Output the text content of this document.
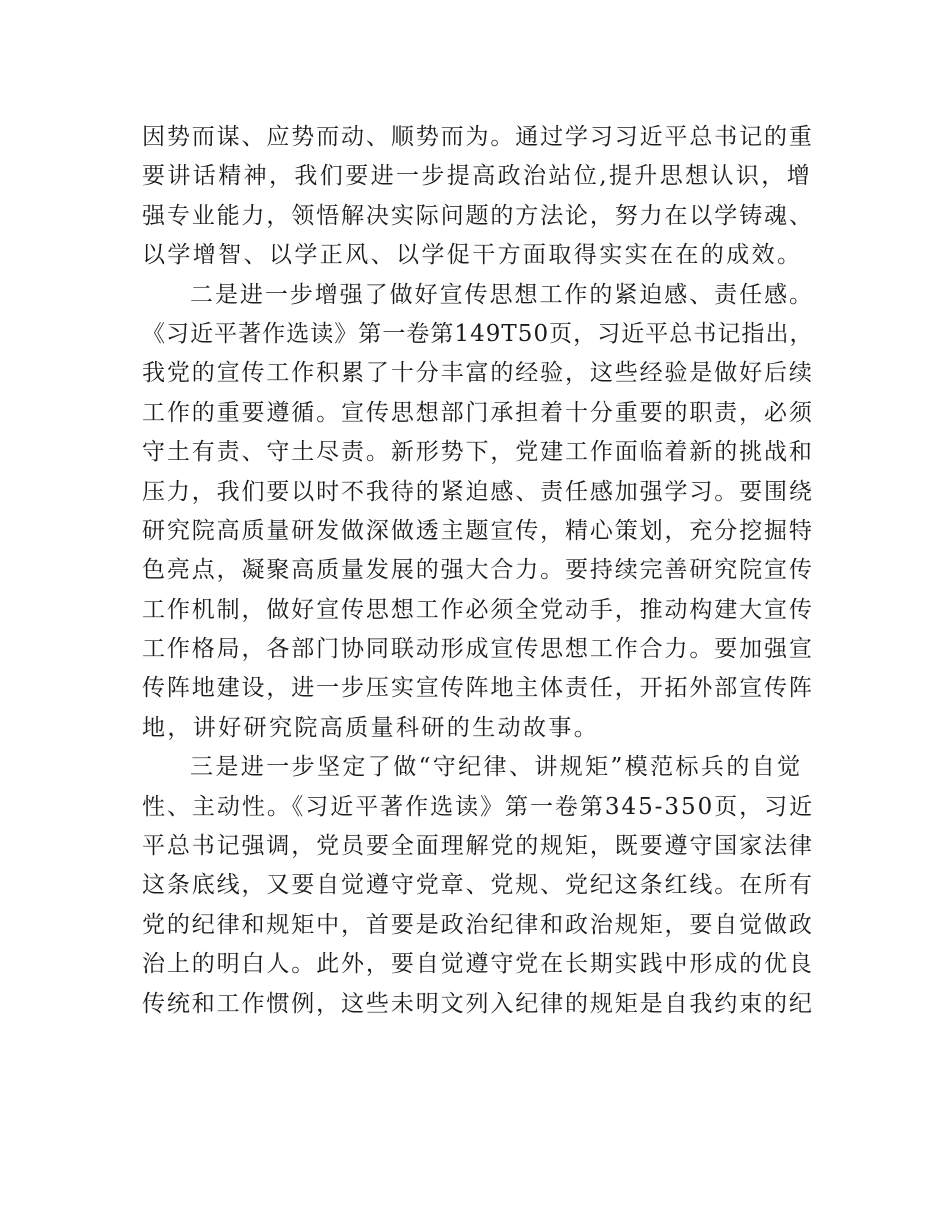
因势而谋、应势而动、顺势而为。通过学习习近平总书记的重
要讲话精神，我们要进一步提高政治站位,提升思想认识，增
强专业能力，领悟解决实际问题的方法论，努力在以学铸魂、
以学增智、以学正风、以学促干方面取得实实在在的成效。
二是进一步增强了做好宣传思想工作的紧迫感、责任感。
《习近平著作选读》第一卷第149T50页，习近平总书记指出，
我党的宣传工作积累了十分丰富的经验，这些经验是做好后续
工作的重要遵循。宣传思想部门承担着十分重要的职责，必须
守土有责、守土尽责。新形势下，党建工作面临着新的挑战和
压力，我们要以时不我待的紧迫感、责任感加强学习。要围绕
研究院高质量研发做深做透主题宣传，精心策划，充分挖掘特
色亮点，凝聚高质量发展的强大合力。要持续完善研究院宣传
工作机制，做好宣传思想工作必须全党动手，推动构建大宣传
工作格局，各部门协同联动形成宣传思想工作合力。要加强宣
传阵地建设，进一步压实宣传阵地主体责任，开拓外部宣传阵
地，讲好研究院高质量科研的生动故事。
三是进一步坚定了做“守纪律、讲规矩”模范标兵的自觉
性、主动性。《习近平著作选读》第一卷第345-350页，习近
平总书记强调，党员要全面理解党的规矩，既要遵守国家法律
这条底线，又要自觉遵守党章、党规、党纪这条红线。在所有
党的纪律和规矩中，首要是政治纪律和政治规矩，要自觉做政
治上的明白人。此外，要自觉遵守党在长期实践中形成的优良
传统和工作惯例，这些未明文列入纪律的规矩是自我约束的纪
